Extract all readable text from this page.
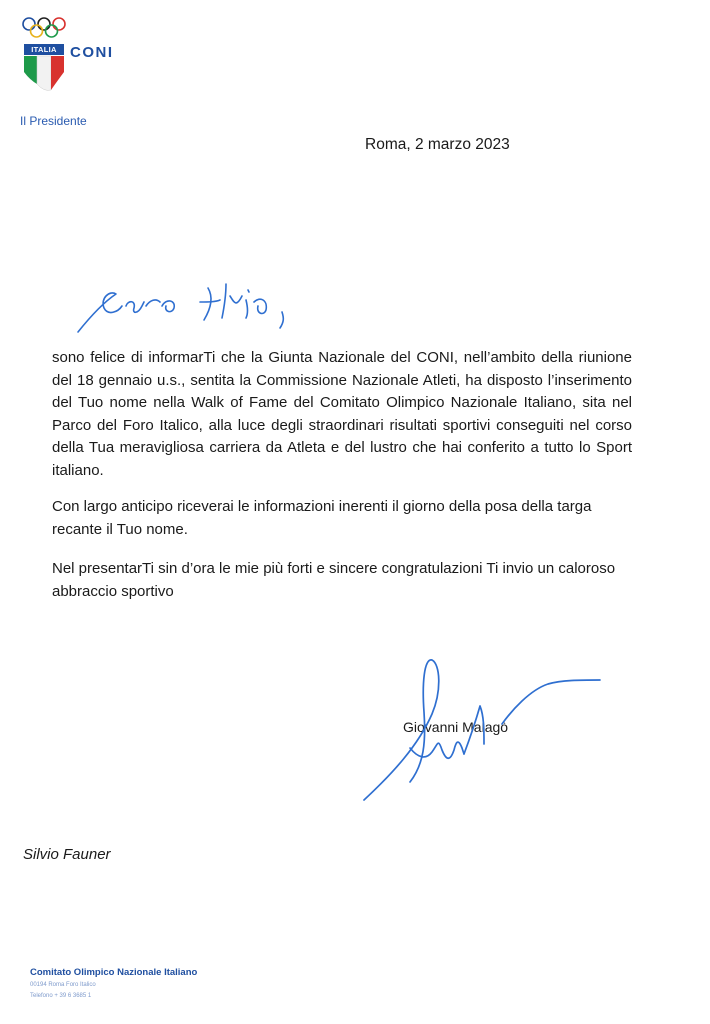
ITALIA CONI
Il Presidente
Roma, 2 marzo 2023
sono felice di informarTi che la Giunta Nazionale del CONI, nell’ambito della riunione del 18 gennaio u.s., sentita la Commissione Nazionale Atleti, ha disposto l’inserimento del Tuo nome nella Walk of Fame del Comitato Olimpico Nazionale Italiano, sita nel Parco del Foro Italico, alla luce degli straordinari risultati sportivi conseguiti nel corso della Tua meravigliosa carriera da Atleta e del lustro che hai conferito a tutto lo Sport italiano.
Con largo anticipo riceverai le informazioni inerenti il giorno della posa della targa recante il Tuo nome.
Nel presentarTi sin d’ora le mie più forti e sincere congratulazioni Ti invio un caloroso abbraccio sportivo
Giovanni Malagò
Silvio Fauner
Comitato Olimpico Nazionale Italiano
00194 Roma Foro Italico
Telefono + 39 6 3685 1
